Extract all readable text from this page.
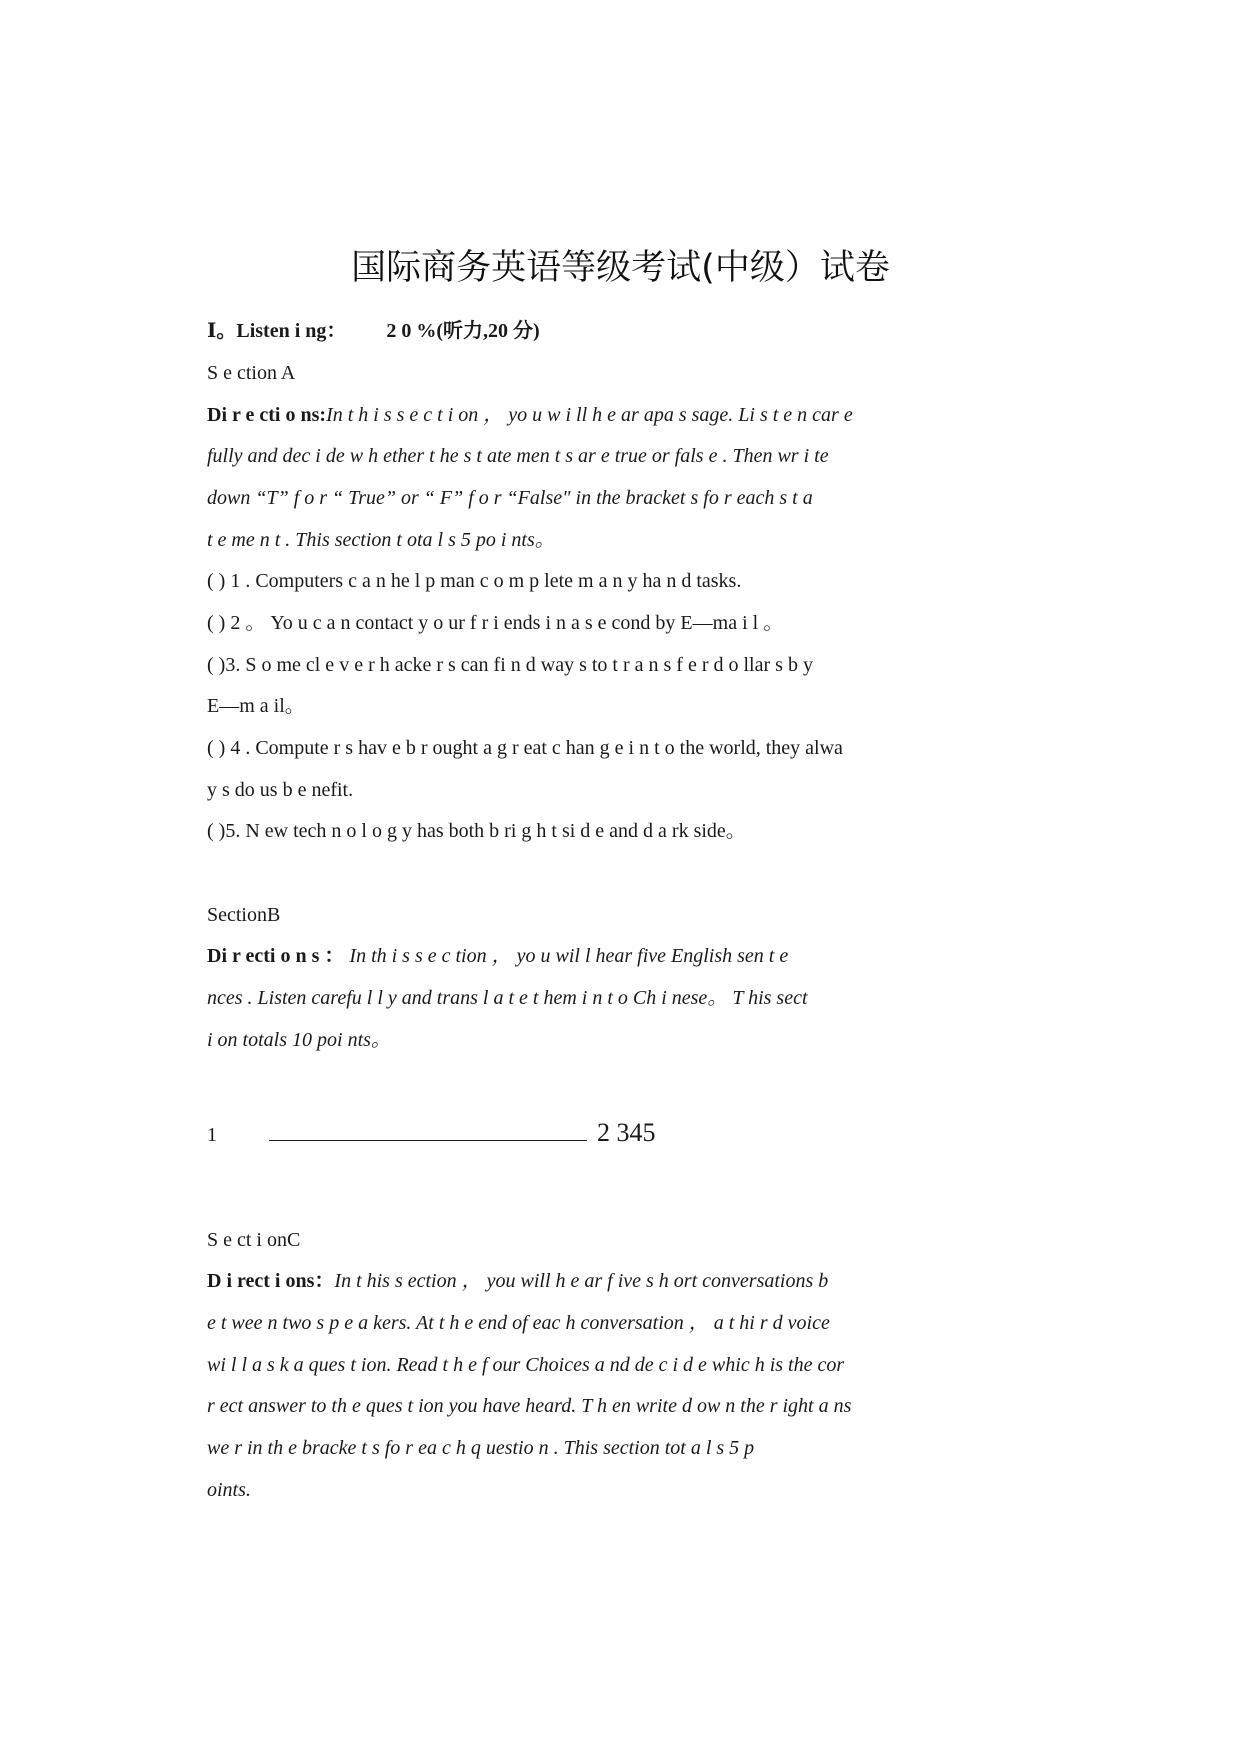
国际商务英语等级考试(中级）试卷
Ⅰ。Listen i ng： 2 0 %(听力,20 分)
S e ction A
Di r e cti o ns:In t h i s s e c t i on ， yo u w i ll h e ar apa s sage. Li s t e n car e
fully and dec i de w h ether t he s t ate men t s ar e true or fals e . Then wr i te
down “T” f o r “ True” or “ F” f o r “False" in the bracket s fo r each s t a
t e me n t . This section t ota l s 5 po i nts。
( ) 1 . Computers c a n he l p man c o m p lete m a n y ha n d tasks.
( ) 2 。 Yo u c a n contact y o ur f r i ends i n a s e cond by E—ma i l 。
( )3. S o me cl e v e r h acke r s can fi n d way s to t r a n s f e r d o llar s b y
E—m a il。
( ) 4 . Compute r s hav e b r ought a g r eat c han g e i n t o the world, they alwa
y s do us b e nefit.
( )5. N ew tech n o l o g y has both b ri g h t si d e and d a rk side。
SectionB
Di r ecti o n s ： In th i s s e c tion ， yo u wil l hear five English sen t e
nces . Listen carefu l l y and trans l a t e t hem i n t o Ch i nese。 T his sect
i on totals 10 poi nts。
1	2 345
S e ct i onC
D i rect i ons：In t his s ection ， you will h e ar f ive s h ort conversations b
e t wee n two s p e a kers. At t h e end of eac h conversation ， a t hi r d voice
wi l l a s k a ques t ion. Read t h e f our Choices a nd de c i d e whic h is the cor
r ect answer to th e ques t ion you have heard. T h en write d ow n the r ight a ns
we r in th e bracke t s fo r ea c h q uestio n . This section tot a l s 5 p
oints.
